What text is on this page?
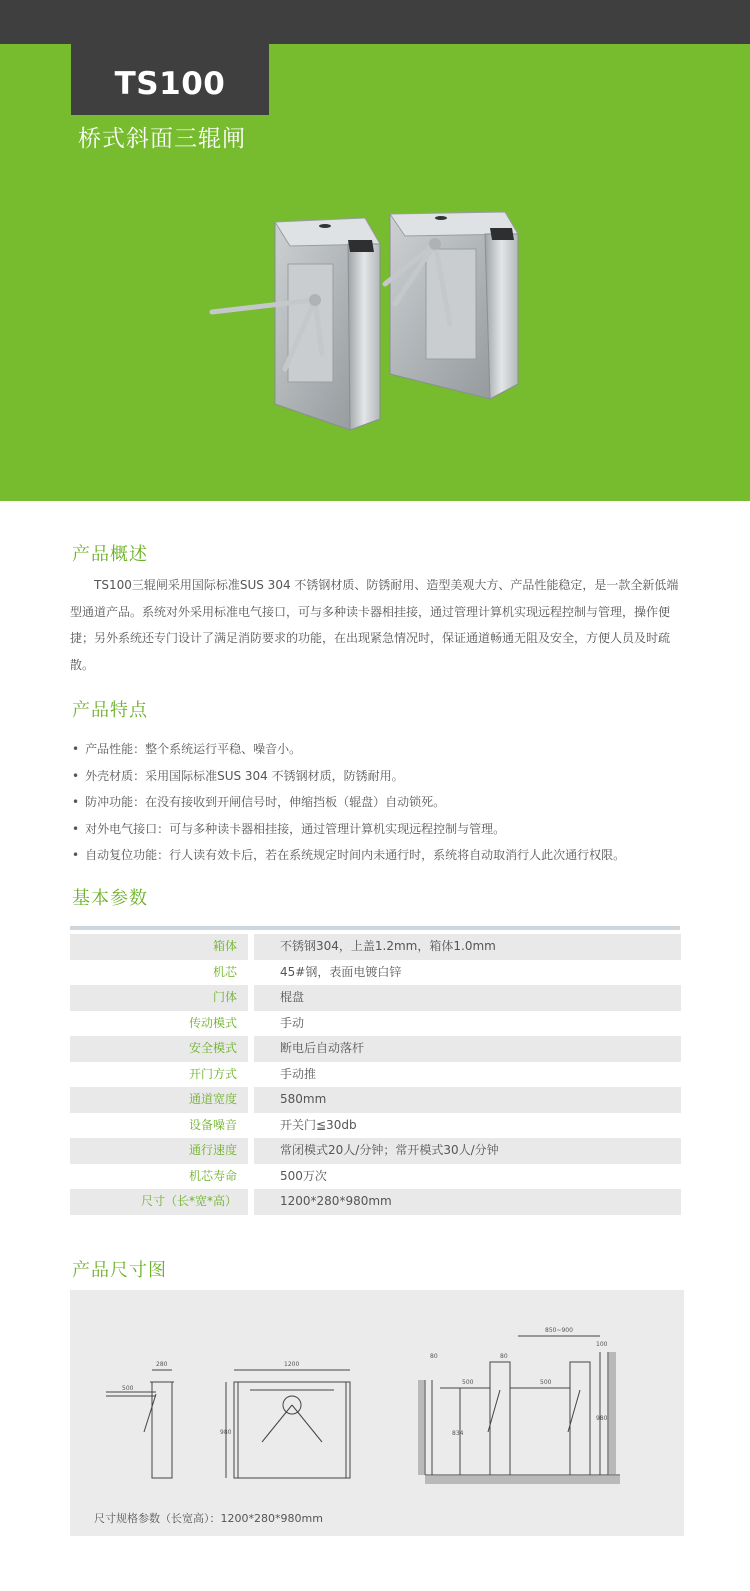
TS100
桥式斜面三辊闸
产品概述
TS100三辊闸采用国际标准SUS 304 不锈钢材质、防锈耐用、造型美观大方、产品性能稳定，是一款全新低端型通道产品。系统对外采用标准电气接口，可与多种读卡器相挂接，通过管理计算机实现远程控制与管理，操作便捷；另外系统还专门设计了满足消防要求的功能，在出现紧急情况时，保证通道畅通无阻及安全，方便人员及时疏散。
产品特点
• 产品性能：整个系统运行平稳、噪音小。
• 外壳材质：采用国际标准SUS 304 不锈钢材质，防锈耐用。
• 防冲功能：在没有接收到开闸信号时，伸缩挡板（辊盘）自动锁死。
• 对外电气接口：可与多种读卡器相挂接，通过管理计算机实现远程控制与管理。
• 自动复位功能：行人读有效卡后，若在系统规定时间内未通行时，系统将自动取消行人此次通行权限。
基本参数
箱体	不锈钢304，上盖1.2mm，箱体1.0mm
机芯	45#钢，表面电镀白锌
门体	棍盘
传动模式	手动
安全模式	断电后自动落杆
开门方式	手动推
通道宽度	580mm
设备噪音	开关门≦30db
通行速度	常闭模式20人/分钟；常开模式30人/分钟
机芯寿命	500万次
尺寸（长*宽*高）	1200*280*980mm
产品尺寸图
500
280	1200
980
850~900
80	80
100
500	500
834
980
尺寸规格参数（长宽高）：1200*280*980mm
